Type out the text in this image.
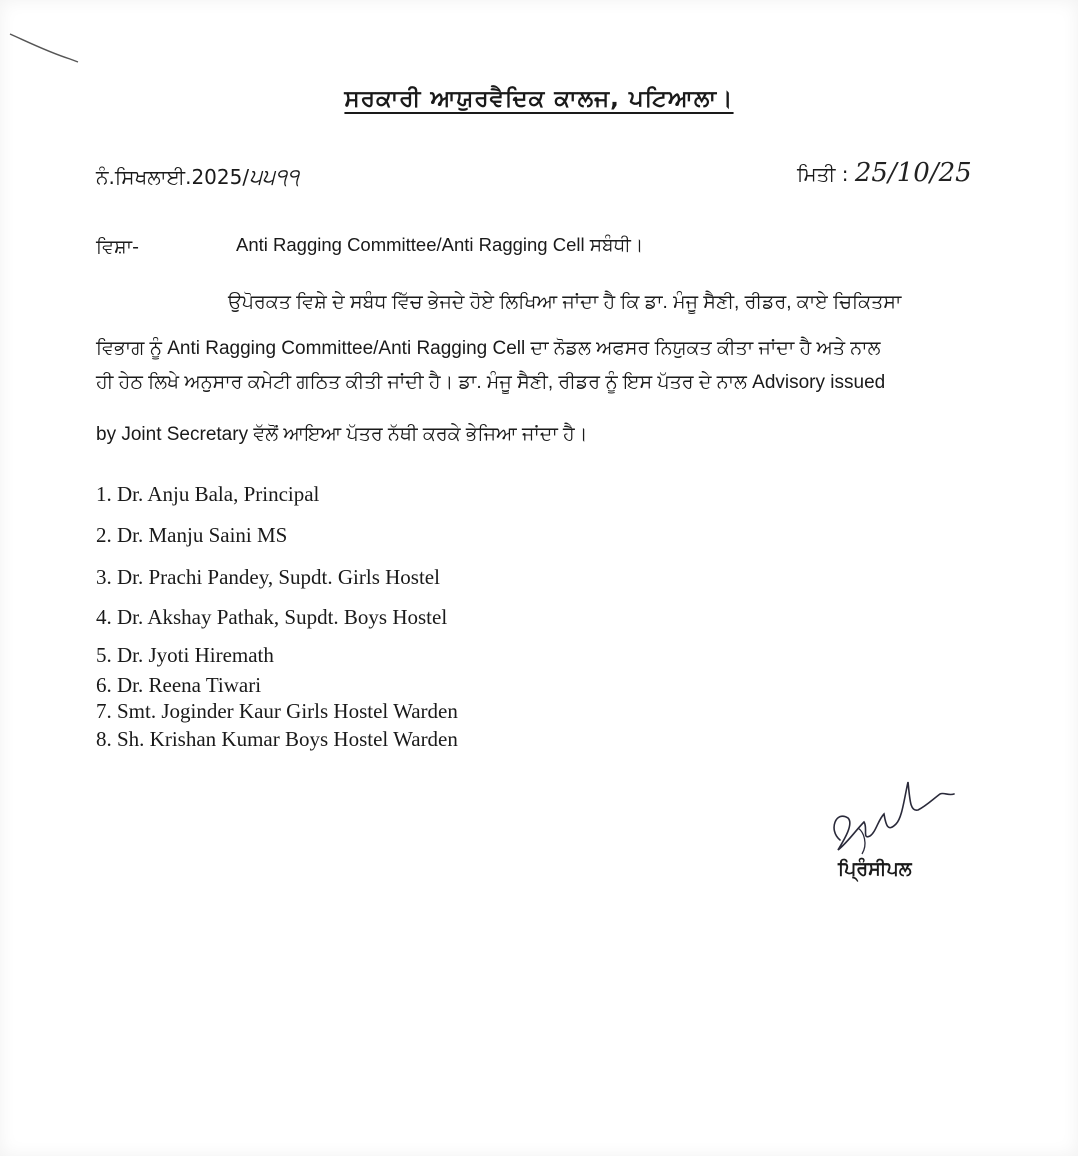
ਸਰਕਾਰੀ ਆਯੁਰਵੈਦਿਕ ਕਾਲਜ, ਪਟਿਆਲਾ।
ਨੰ.ਸਿਖਲਾਈ.2025/੫੫੧੧	ਮਿਤੀ : 25/10/25
ਵਿਸ਼ਾ-	Anti Ragging Committee/Anti Ragging Cell ਸਬੰਧੀ।
ਉਪੋਰਕਤ ਵਿਸ਼ੇ ਦੇ ਸਬੰਧ ਵਿੱਚ ਭੇਜਦੇ ਹੋਏ ਲਿਖਿਆ ਜਾਂਦਾ ਹੈ ਕਿ ਡਾ. ਮੰਜੂ ਸੈਣੀ, ਰੀਡਰ, ਕਾਏ ਚਿਕਿਤਸਾ
ਵਿਭਾਗ ਨੂੰ Anti Ragging Committee/Anti Ragging Cell ਦਾ ਨੋਡਲ ਅਫਸਰ ਨਿਯੁਕਤ ਕੀਤਾ ਜਾਂਦਾ ਹੈ ਅਤੇ ਨਾਲ
ਹੀ ਹੇਠ ਲਿਖੇ ਅਨੁਸਾਰ ਕਮੇਟੀ ਗਠਿਤ ਕੀਤੀ ਜਾਂਦੀ ਹੈ। ਡਾ. ਮੰਜੂ ਸੈਣੀ, ਰੀਡਰ ਨੂੰ ਇਸ ਪੱਤਰ ਦੇ ਨਾਲ Advisory issued
by Joint Secretary ਵੱਲੋਂ ਆਇਆ ਪੱਤਰ ਨੱਥੀ ਕਰਕੇ ਭੇਜਿਆ ਜਾਂਦਾ ਹੈ।
1. Dr. Anju Bala, Principal
2. Dr. Manju Saini MS
3. Dr. Prachi Pandey, Supdt. Girls Hostel
4. Dr. Akshay Pathak, Supdt. Boys Hostel
5. Dr. Jyoti Hiremath
6. Dr. Reena Tiwari
7. Smt. Joginder Kaur Girls Hostel Warden
8. Sh. Krishan Kumar Boys Hostel Warden
ਪ੍ਰਿੰਸੀਪਲ
